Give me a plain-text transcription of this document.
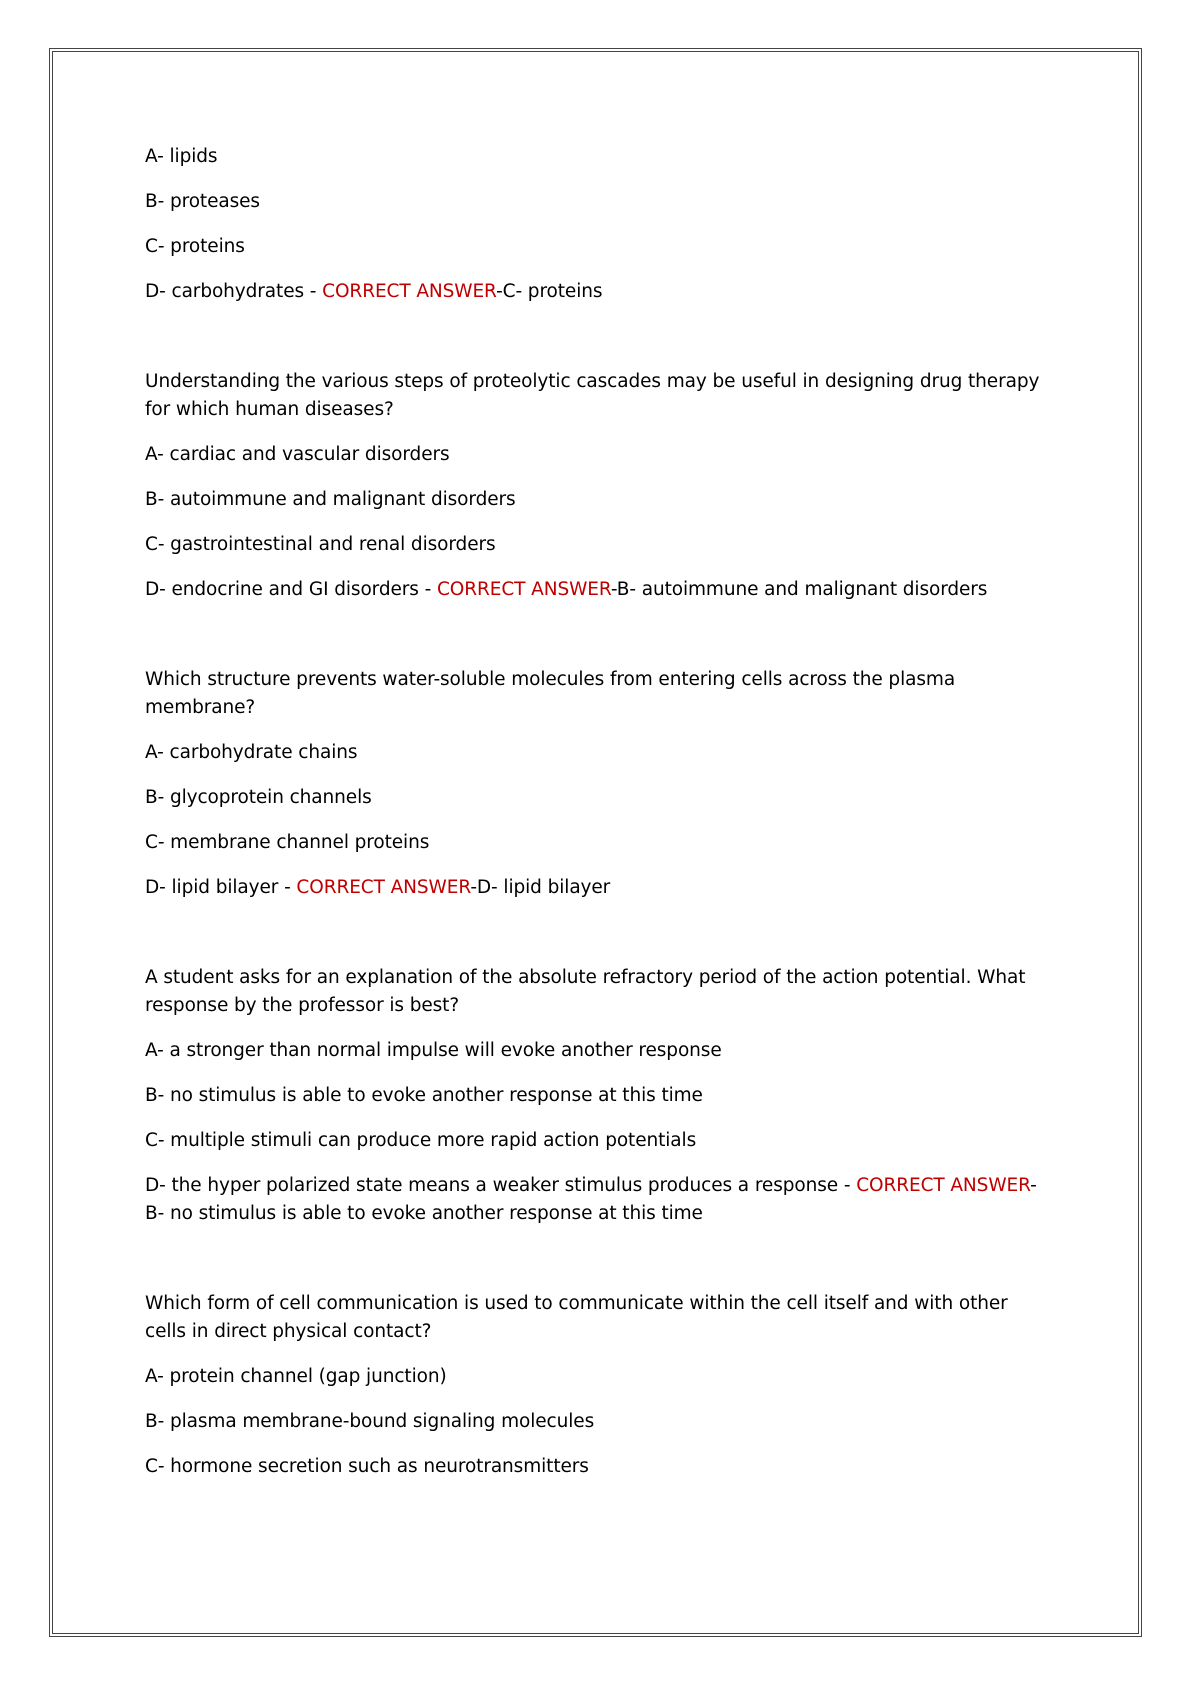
A- lipids

B- proteases

C- proteins

D- carbohydrates - CORRECT ANSWER-C- proteins

Understanding the various steps of proteolytic cascades may be useful in designing drug therapy for which human diseases?

A- cardiac and vascular disorders

B- autoimmune and malignant disorders

C- gastrointestinal and renal disorders

D- endocrine and GI disorders - CORRECT ANSWER-B- autoimmune and malignant disorders

Which structure prevents water-soluble molecules from entering cells across the plasma membrane?

A- carbohydrate chains

B- glycoprotein channels

C- membrane channel proteins

D- lipid bilayer - CORRECT ANSWER-D- lipid bilayer

A student asks for an explanation of the absolute refractory period of the action potential. What response by the professor is best?

A- a stronger than normal impulse will evoke another response

B- no stimulus is able to evoke another response at this time

C- multiple stimuli can produce more rapid action potentials

D- the hyper polarized state means a weaker stimulus produces a response - CORRECT ANSWER-B- no stimulus is able to evoke another response at this time

Which form of cell communication is used to communicate within the cell itself and with other cells in direct physical contact?

A- protein channel (gap junction)

B- plasma membrane-bound signaling molecules

C- hormone secretion such as neurotransmitters
